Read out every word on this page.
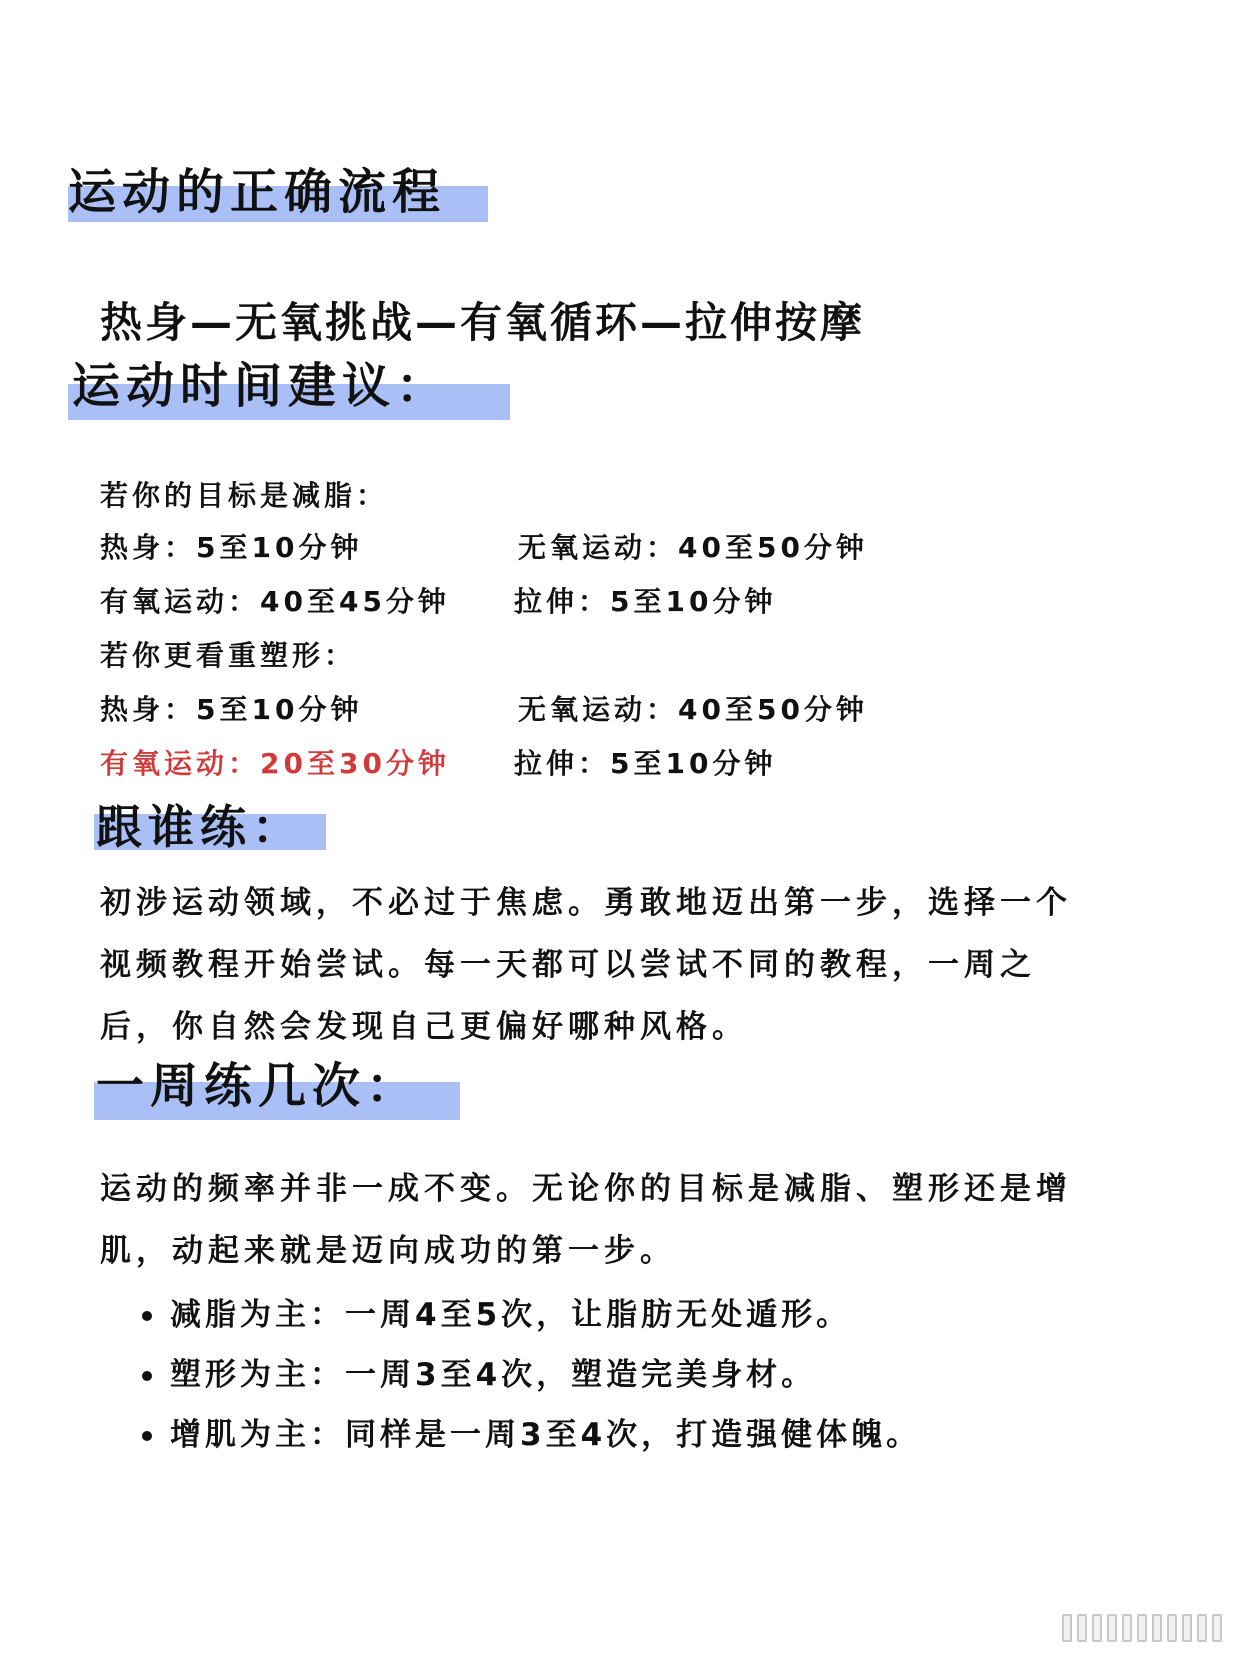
运动的正确流程
热身—无氧挑战—有氧循环—拉伸按摩
运动时间建议：
若你的目标是减脂：
热身：5至10分钟	无氧运动：40至50分钟
有氧运动：40至45分钟 拉伸：5至10分钟
若你更看重塑形：
热身：5至10分钟	无氧运动：40至50分钟
有氧运动：20至30分钟 拉伸：5至10分钟
跟谁练：
初涉运动领域，不必过于焦虑。勇敢地迈出第一步，选择一个
视频教程开始尝试。每一天都可以尝试不同的教程，一周之
后，你自然会发现自己更偏好哪种风格。
一周练几次：
运动的频率并非一成不变。无论你的目标是减脂、塑形还是增
肌，动起来就是迈向成功的第一步。
减脂为主：一周4至5次，让脂肪无处遁形。
塑形为主：一周3至4次，塑造完美身材。
增肌为主：同样是一周3至4次，打造强健体魄。
